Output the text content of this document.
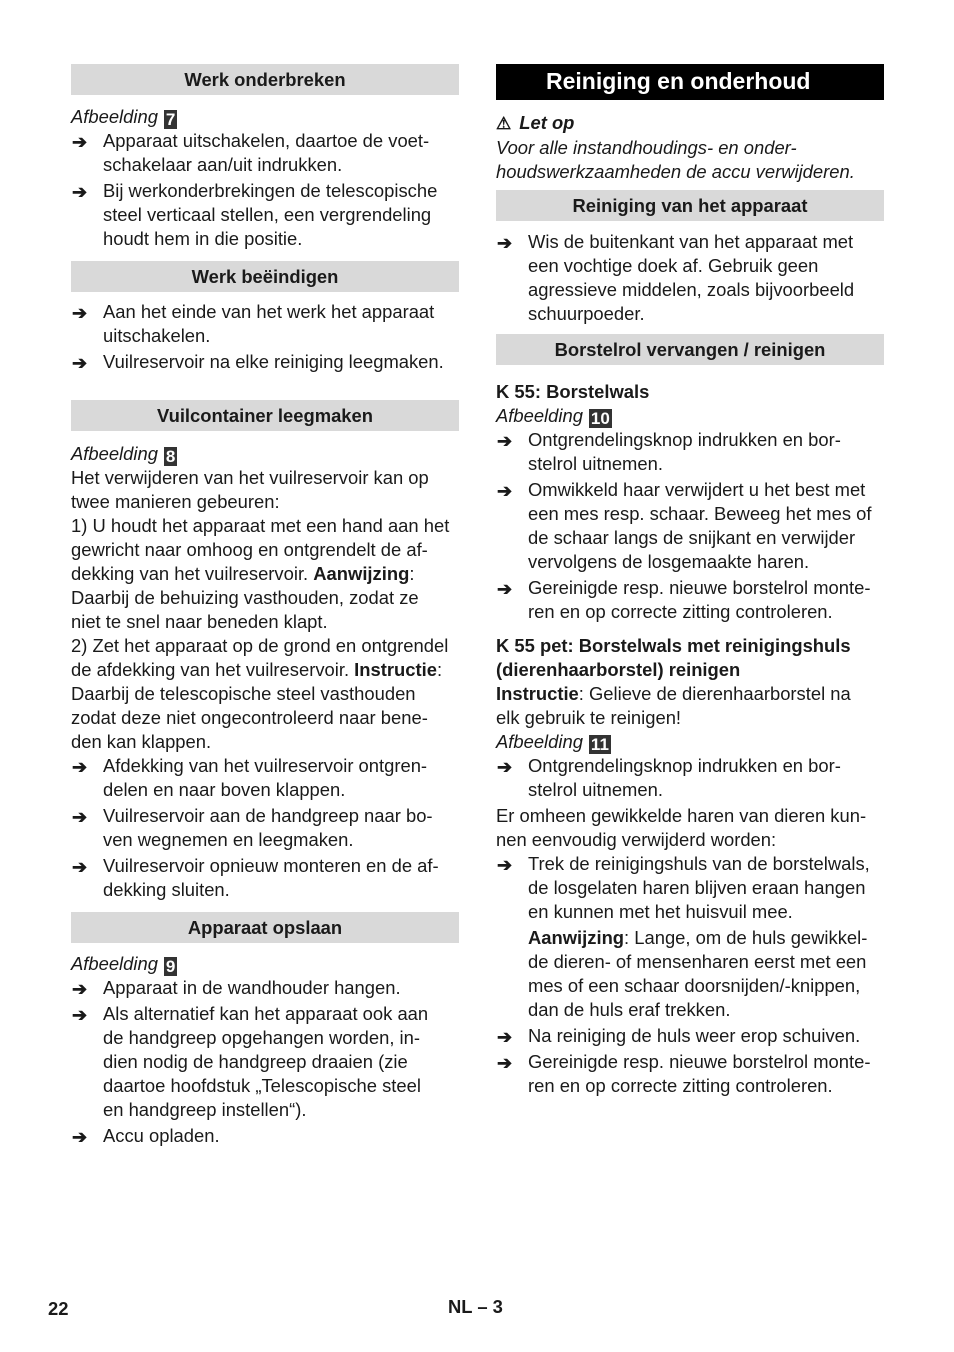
Werk onderbreken

Afbeelding 7

➔ Apparaat uitschakelen, daartoe de voet-
schakelaar aan/uit indrukken.

➔ Bij werkonderbrekingen de telescopische
steel verticaal stellen, een vergrendeling
houdt hem in die positie.

Werk beëindigen

➔ Aan het einde van het werk het apparaat
uitschakelen.

➔ Vuilreservoir na elke reiniging leegmaken.

Vuilcontainer leegmaken

Afbeelding 8

Het verwijderen van het vuilreservoir kan op
twee manieren gebeuren:

1) U houdt het apparaat met een hand aan het
gewricht naar omhoog en ontgrendelt de af-
dekking van het vuilreservoir. Aanwijzing:
Daarbij de behuizing vasthouden, zodat ze
niet te snel naar beneden klapt.

2) Zet het apparaat op de grond en ontgrendel
de afdekking van het vuilreservoir. Instructie:
Daarbij de telescopische steel vasthouden
zodat deze niet ongecontroleerd naar bene-
den kan klappen.

➔ Afdekking van het vuilreservoir ontgren-
delen en naar boven klappen.

➔ Vuilreservoir aan de handgreep naar bo-
ven wegnemen en leegmaken.

➔ Vuilreservoir opnieuw monteren en de af-
dekking sluiten.

Apparaat opslaan

Afbeelding 9

➔ Apparaat in de wandhouder hangen.

➔ Als alternatief kan het apparaat ook aan
de handgreep opgehangen worden, in-
dien nodig de handgreep draaien (zie
daartoe hoofdstuk „Telescopische steel
en handgreep instellen“).

➔ Accu opladen.

Reiniging en onderhoud

⚠ Let op

Voor alle instandhoudings- en onder-
houdswerkzaamheden de accu verwijderen.

Reiniging van het apparaat

➔ Wis de buitenkant van het apparaat met
een vochtige doek af. Gebruik geen
agressieve middelen, zoals bijvoorbeeld
schuurpoeder.

Borstelrol vervangen / reinigen

K 55: Borstelwals

Afbeelding 10

➔ Ontgrendelingsknop indrukken en bor-
stelrol uitnemen.

➔ Omwikkeld haar verwijdert u het best met
een mes resp. schaar. Beweeg het mes of
de schaar langs de snijkant en verwijder
vervolgens de losgemaakte haren.

➔ Gereinigde resp. nieuwe borstelrol monte-
ren en op correcte zitting controleren.

K 55 pet: Borstelwals met reinigingshuls
(dierenhaarborstel) reinigen

Instructie: Gelieve de dierenhaarborstel na
elk gebruik te reinigen!

Afbeelding 11

➔ Ontgrendelingsknop indrukken en bor-
stelrol uitnemen.

Er omheen gewikkelde haren van dieren kun-
nen eenvoudig verwijderd worden:

➔ Trek de reinigingshuls van de borstelwals,
de losgelaten haren blijven eraan hangen
en kunnen met het huisvuil mee.

Aanwijzing: Lange, om de huls gewikkel-
de dieren- of mensenharen eerst met een
mes of een schaar doorsnijden/-knippen,
dan de huls eraf trekken.

➔ Na reiniging de huls weer erop schuiven.

➔ Gereinigde resp. nieuwe borstelrol monte-
ren en op correcte zitting controleren.

22	NL – 3
